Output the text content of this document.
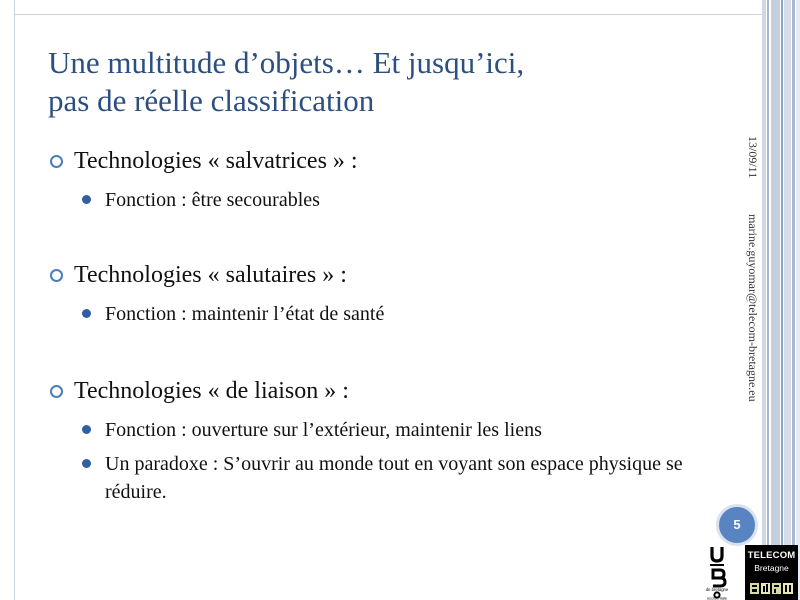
Une multitude d’objets… Et jusqu’ici,
pas de réelle classification
Technologies « salvatrices » :
Fonction : être secourables
Technologies « salutaires » :
Fonction : maintenir l’état de santé
Technologies « de liaison » :
Fonction : ouverture sur l’extérieur, maintenir les liens
Un paradoxe : S’ouvrir au monde tout en voyant son espace physique se réduire.
13/09/11
marine.guyomar@telecom-bretagne.eu
5
de bretagne
occidentale
TELECOM
Bretagne
